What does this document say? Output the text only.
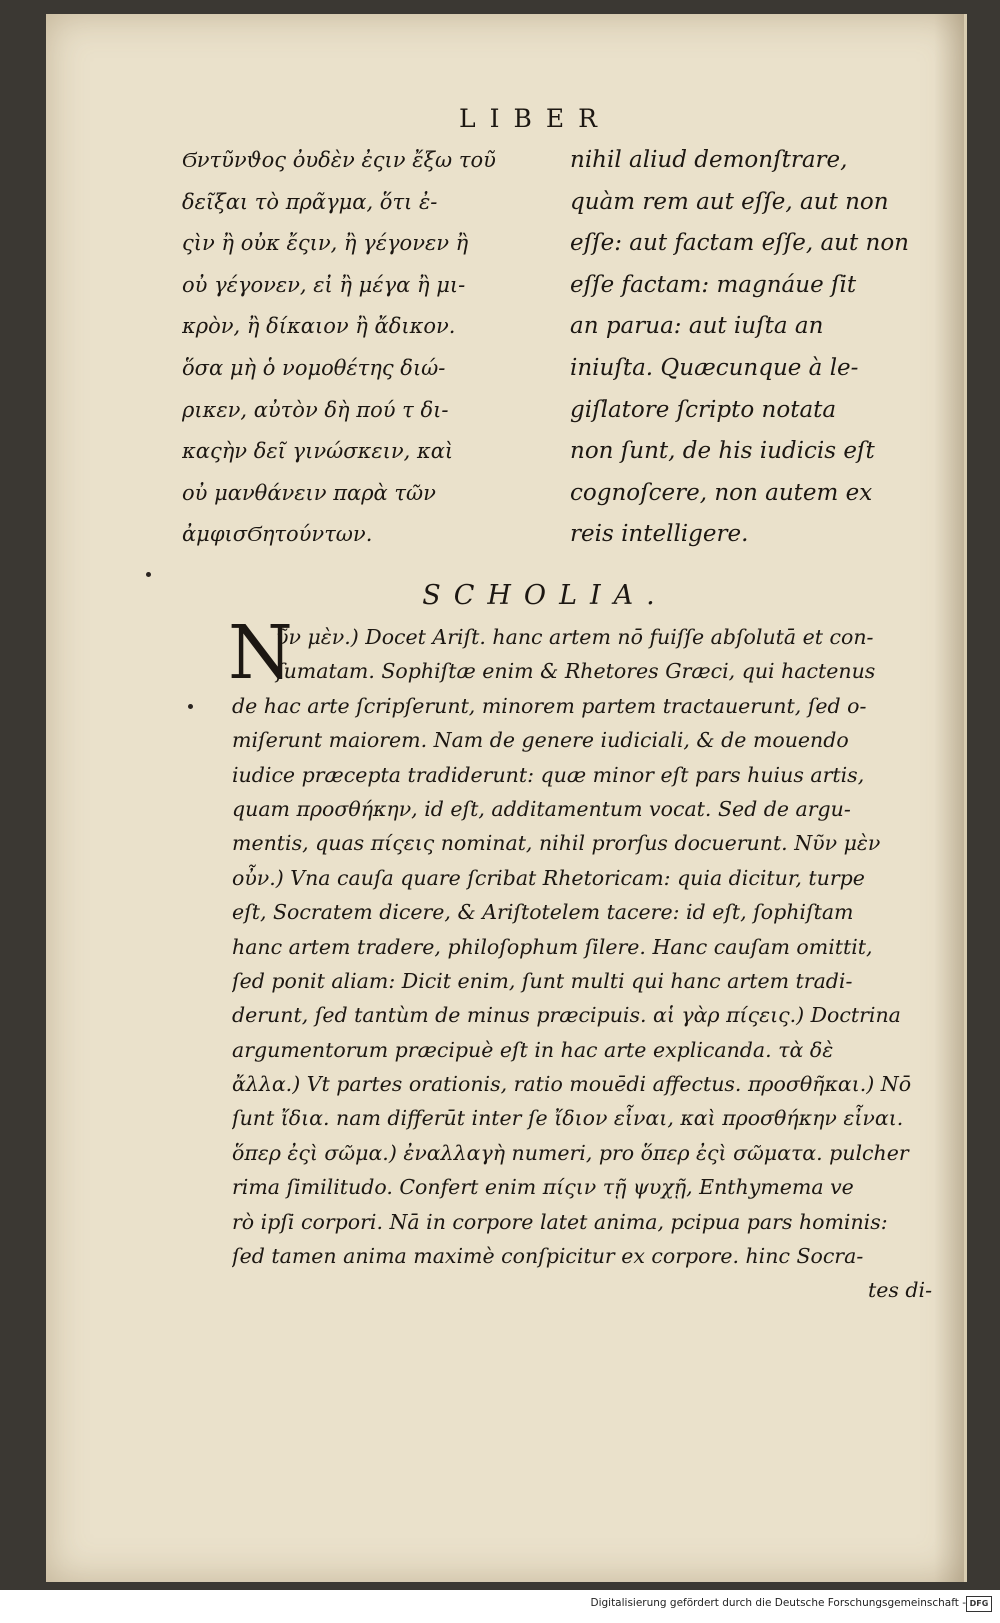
LIBER
Ϭντῦνϑος ὀυδὲν ἐςιν ἔξω τοῦ
δεῖξαι τὸ πρᾶγμα, ὅτι ἐ-
ςὶν ἢ οὐκ ἔςιν, ἢ γέγονεν ἢ
οὐ γέγονεν, εἰ ἢ μέγα ἢ μι-
κρὸν, ἢ δίκαιον ἢ ἄδικον.
ὅσα μὴ ὁ νομοθέτης διώ-
ρικεν, αὐτὸν δὴ πού τ δι-
καςὴν δεῖ γινώσκειν, καὶ
οὐ μανθάνειν παρὰ τῶν
ἀμφισϬητούντων.
nihil aliud demonſtrare,
quàm rem aut eſſe, aut non
eſſe: aut factam eſſe, aut non
eſſe factam: magnáue ſit
an parua: aut iuſta an
iniuſta. Quæcunque à le-
giſlatore ſcripto notata
non ſunt, de his iudicis eſt
cognoſcere, non autem ex
reis intelligere.
SCHOLIA.
N
ῦν μὲν.) Docet Ariſt. hanc artem nō fuiſſe abſolutā et con-
ſumatam. Sophiſtæ enim & Rhetores Græci, qui hactenus
de hac arte ſcripſerunt, minorem partem tractauerunt, ſed o-
miſerunt maiorem. Nam de genere iudiciali, & de mouendo
iudice præcepta tradiderunt: quæ minor eſt pars huius artis,
quam προσθήκην, id eſt, additamentum vocat. Sed de argu-
mentis, quas πίςεις nominat, nihil prorſus docuerunt. Νῦν μὲν
οὖν.) Vna cauſa quare ſcribat Rhetoricam: quia dicitur, turpe
eſt, Socratem dicere, & Ariſtotelem tacere: id eſt, ſophiſtam
hanc artem tradere, philoſophum ſilere. Hanc cauſam omittit,
ſed ponit aliam: Dicit enim, ſunt multi qui hanc artem tradi-
derunt, ſed tantùm de minus præcipuis. αἱ γὰρ πίςεις.) Doctrina
argumentorum præcipuè eſt in hac arte explicanda. τὰ δὲ
ἄλλα.) Vt partes orationis, ratio mouēdi affectus. προσθῆκαι.) Nō
ſunt ἴδια. nam differūt inter ſe ἴδιον εἶναι, καὶ προσθήκην εἶναι.
ὅπερ ἐςὶ σῶμα.) ἐναλλαγὴ numeri, pro ὅπερ ἐςὶ σῶματα. pulcher
rima ſimilitudo. Confert enim πίςιν τῇ ψυχῇ, Enthymema ve
rò ipſi corpori. Nā in corpore latet anima, pcipua pars hominis:
ſed tamen anima maximè conſpicitur ex corpore. hinc Socra-
tes di-
Digitalisierung gefördert durch die Deutsche Forschungsgemeinschaft - DFG
